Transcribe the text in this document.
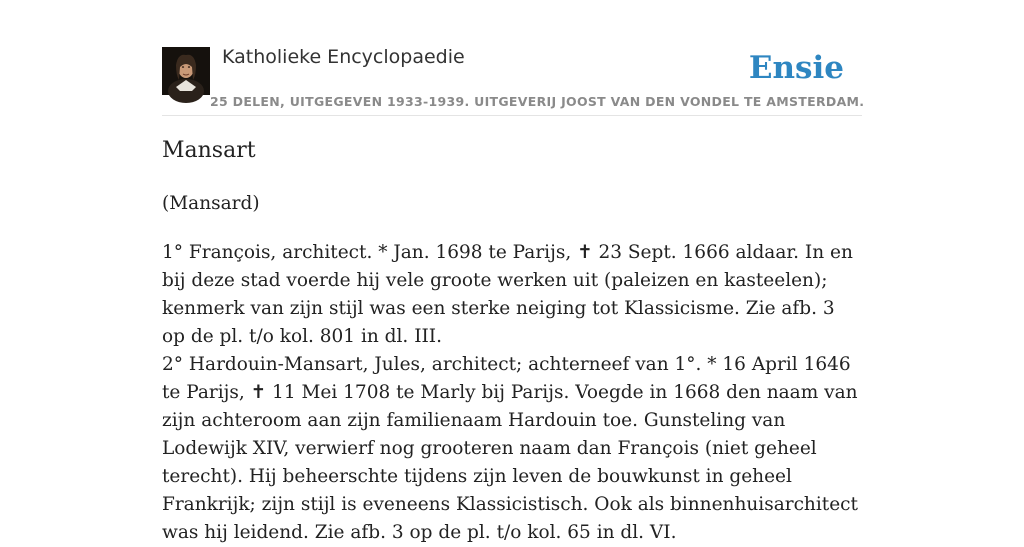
Katholieke Encyclopaedie
25 DELEN, UITGEGEVEN 1933-1939. UITGEVERIJ JOOST VAN DEN VONDEL TE AMSTERDAM.
Ensie
Mansart

(Mansard)

1° François, architect. * Jan. 1698 te Parijs, ✝ 23 Sept. 1666 aldaar. In en bij deze stad voerde hij vele groote werken uit (paleizen en kasteelen); kenmerk van zijn stijl was een sterke neiging tot Klassicisme. Zie afb. 3 op de pl. t/o kol. 801 in dl. III.

2° Hardouin-Mansart, Jules, architect; achterneef van 1°. * 16 April 1646 te Parijs, ✝ 11 Mei 1708 te Marly bij Parijs. Voegde in 1668 den naam van zijn achteroom aan zijn familienaam Hardouin toe. Gunsteling van Lodewijk XIV, verwierf nog grooteren naam dan François (niet geheel terecht). Hij beheerschte tijdens zijn leven de bouwkunst in geheel Frankrijk; zijn stijl is eveneens Klassicistisch. Ook als binnenhuisarchitect was hij leidend. Zie afb. 3 op de pl. t/o kol. 65 in dl. VI.
